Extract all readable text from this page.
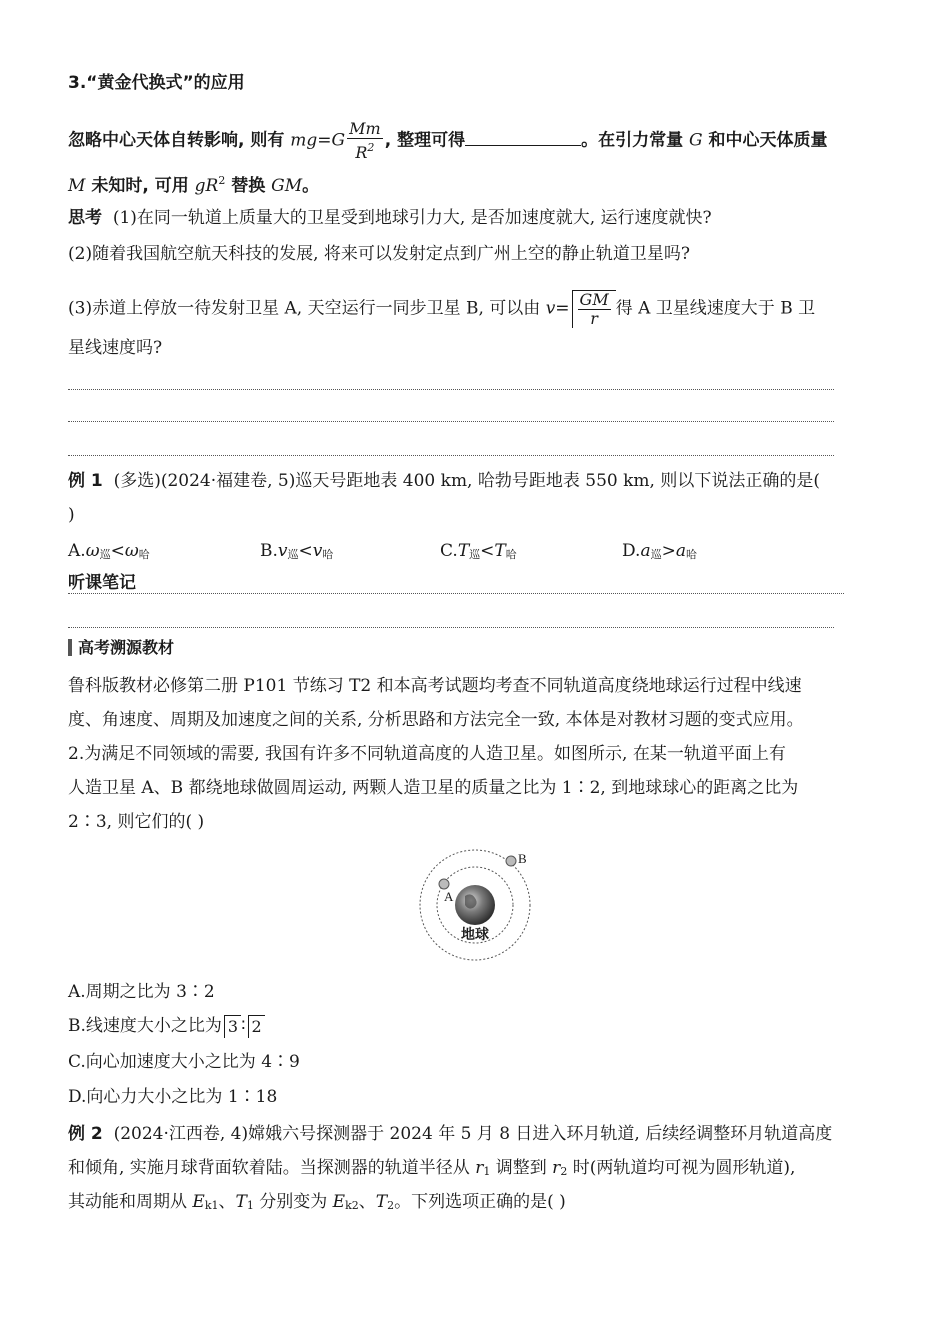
3.“黄金代换式”的应用
忽略中心天体自转影响, 则有 $mg=G \frac{Mm}{R^2}$ , 整理可得	。在引力常量 G 和中心天体质量
M 未知时, 可用 $gR^2$ 替换 GM。
思考 (1)在同一轨道上质量大的卫星受到地球引力大, 是否加速度就大, 运行速度就快?
(2)随着我国航空航天科技的发展, 将来可以发射定点到广州上空的静止轨道卫星吗?
(3)赤道上停放一待发射卫星 A, 天空运行一同步卫星 B, 可以由 $v= \frac{GM}{r}$ 得 A 卫星线速度大于 B 卫
星线速度吗?
例 1 (多选)(2024·福建卷, 5)巡天号距地表 400 km, 哈勃号距地表 550 km, 则以下说法正确的是(
)
A.ω巡<ω哈	B.v巡<v哈	C.T巡<T哈	D.a巡>a哈
听课笔记
高考溯源教材
鲁科版教材必修第二册 P101 节练习 T2 和本高考试题均考查不同轨道高度绕地球运行过程中线速
度、角速度、周期及加速度之间的关系, 分析思路和方法完全一致, 本体是对教材习题的变式应用。
2.为满足不同领域的需要, 我国有许多不同轨道高度的人造卫星。如图所示, 在某一轨道平面上有
人造卫星 A、B 都绕地球做圆周运动, 两颗人造卫星的质量之比为 1∶2, 到地球球心的距离之比为
2∶3, 则它们的( )
A
B
地球
A.周期之比为 3∶2
B.线速度大小之比为 3 ∶ 2
C.向心加速度大小之比为 4∶9
D.向心力大小之比为 1∶18
例 2 (2024·江西卷, 4)嫦娥六号探测器于 2024 年 5 月 8 日进入环月轨道, 后续经调整环月轨道高度
和倾角, 实施月球背面软着陆。当探测器的轨道半径从 r1 调整到 r2 时(两轨道均可视为圆形轨道),
其动能和周期从 Ek1、T1 分别变为 Ek2、T2。下列选项正确的是( )
